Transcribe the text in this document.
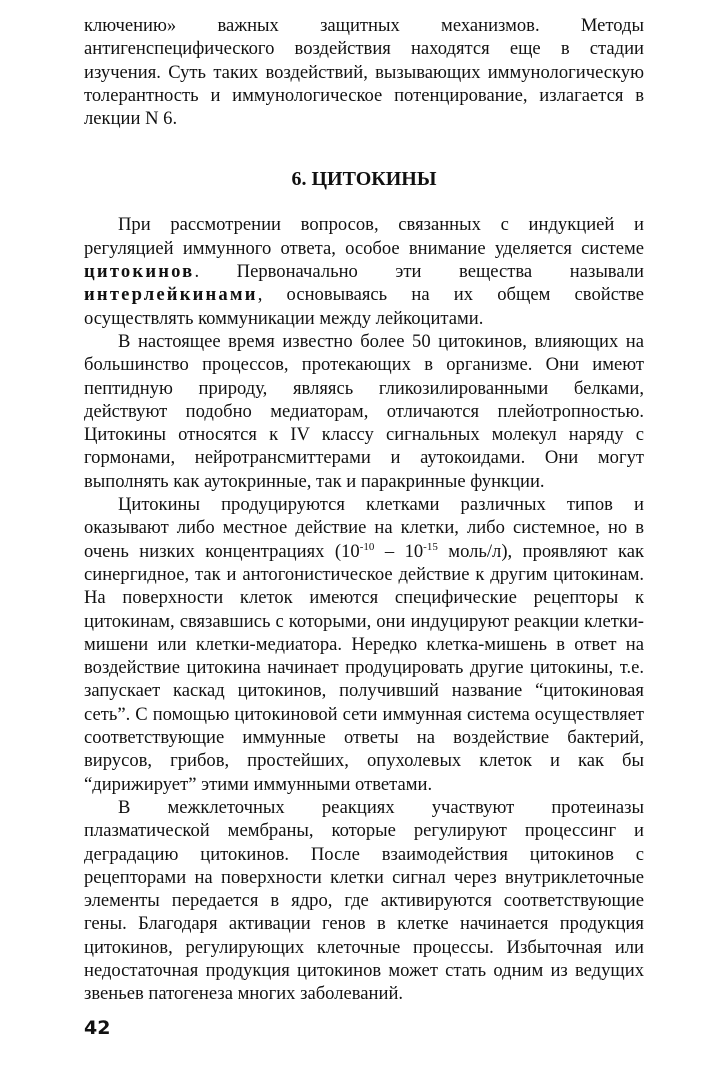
ключению» важных защитных механизмов. Методы антигенспецифического воздействия находятся еще в стадии изучения. Суть таких воздействий, вызывающих иммунологическую толерантность и иммунологическое потенцирование, излагается в лекции N 6.

6. ЦИТОКИНЫ

При рассмотрении вопросов, связанных с индукцией и регуляцией иммунного ответа, особое внимание уделяется системе цитокинов. Первоначально эти вещества называли интерлейкинами, основываясь на их общем свойстве осуществлять коммуникации между лейкоцитами.

В настоящее время известно более 50 цитокинов, влияющих на большинство процессов, протекающих в организме. Они имеют пептидную природу, являясь гликозилированными белками, действуют подобно медиаторам, отличаются плейотропностью. Цитокины относятся к IV классу сигнальных молекул наряду с гормонами, нейротрансмиттерами и аутокоидами. Они могут выполнять как аутокринные, так и паракринные функции.

Цитокины продуцируются клетками различных типов и оказывают либо местное действие на клетки, либо системное, но в очень низких концентрациях ($10^{-10} - 10^{-15}$ моль/л), проявляют как синергидное, так и антогонистическое действие к другим цитокинам. На поверхности клеток имеются специфические рецепторы к цитокинам, связавшись с которыми, они индуцируют реакции клетки-мишени или клетки-медиатора. Нередко клетка-мишень в ответ на воздействие цитокина начинает продуцировать другие цитокины, т.е. запускает каскад цитокинов, получивший название “цитокиновая сеть”. С помощью цитокиновой сети иммунная система осуществляет соответствующие иммунные ответы на воздействие бактерий, вирусов, грибов, простейших, опухолевых клеток и как бы “дирижирует” этими иммунными ответами.

В межклеточных реакциях участвуют протеиназы плазматической мембраны, которые регулируют процессинг и деградацию цитокинов. После взаимодействия цитокинов с рецепторами на поверхности клетки сигнал через внутриклеточные элементы передается в ядро, где активируются соответствующие гены. Благодаря активации генов в клетке начинается продукция цитокинов, регулирующих клеточные процессы. Избыточная или недостаточная продукция цитокинов может стать одним из ведущих звеньев патогенеза многих заболеваний.

42
